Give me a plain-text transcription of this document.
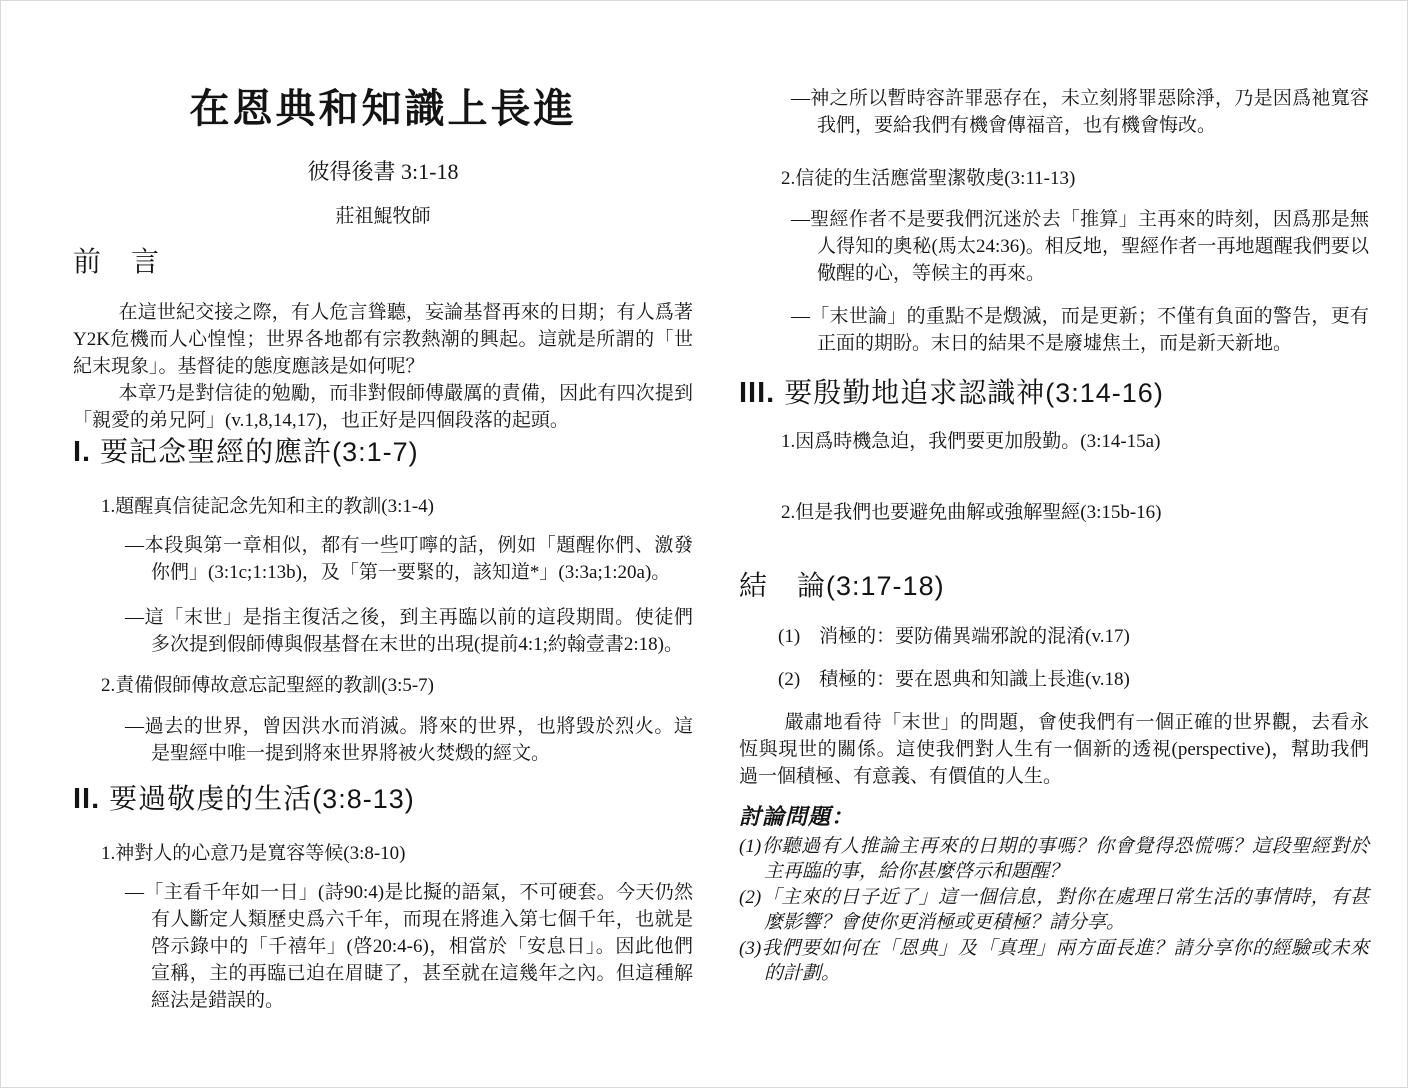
在恩典和知識上長進
彼得後書 3:1-18
莊祖鯤牧師
前　言

在這世紀交接之際，有人危言聳聽，妄論基督再來的日期；有人爲著Y2K危機而人心惶惶；世界各地都有宗教熱潮的興起。這就是所謂的「世紀末現象」。基督徒的態度應該是如何呢？

本章乃是對信徒的勉勵，而非對假師傅嚴厲的責備，因此有四次提到「親愛的弟兄阿」(v.1,8,14,17)，也正好是四個段落的起頭。

I. 要記念聖經的應許(3:1-7)

1.題醒真信徒記念先知和主的教訓(3:1-4)

—本段與第一章相似，都有一些叮嚀的話，例如「題醒你們、激發你們」(3:1c;1:13b)，及「第一要緊的，該知道*」(3:3a;1:20a)。

—這「末世」是指主復活之後，到主再臨以前的這段期間。使徒們多次提到假師傅與假基督在末世的出現(提前4:1;約翰壹書2:18)。

2.責備假師傅故意忘記聖經的教訓(3:5-7)

—過去的世界，曾因洪水而消滅。將來的世界，也將毀於烈火。這是聖經中唯一提到將來世界將被火焚燬的經文。

II. 要過敬虔的生活(3:8-13)

1.神對人的心意乃是寬容等候(3:8-10)

—「主看千年如一日」(詩90:4)是比擬的語氣，不可硬套。今天仍然有人斷定人類歷史爲六千年，而現在將進入第七個千年，也就是啓示錄中的「千禧年」(啓20:4-6)，相當於「安息日」。因此他們宣稱，主的再臨已迫在眉睫了，甚至就在這幾年之內。但這種解經法是錯誤的。

—神之所以暫時容許罪惡存在，未立刻將罪惡除淨，乃是因爲祂寬容我們，要給我們有機會傳福音，也有機會悔改。

2.信徒的生活應當聖潔敬虔(3:11-13)

—聖經作者不是要我們沉迷於去「推算」主再來的時刻，因爲那是無人得知的奧秘(馬太24:36)。相反地，聖經作者一再地題醒我們要以儆醒的心，等候主的再來。

—「末世論」的重點不是燬滅，而是更新；不僅有負面的警告，更有正面的期盼。末日的結果不是廢墟焦土，而是新天新地。

III. 要殷勤地追求認識神(3:14-16)

1.因爲時機急迫，我們要更加殷勤。(3:14-15a)

2.但是我們也要避免曲解或強解聖經(3:15b-16)

結　論(3:17-18)

(1)　消極的：要防備異端邪說的混淆(v.17)

(2)　積極的：要在恩典和知識上長進(v.18)

嚴肅地看待「末世」的問題，會使我們有一個正確的世界觀，去看永恆與現世的關係。這使我們對人生有一個新的透視(perspective)，幫助我們過一個積極、有意義、有價值的人生。

討論問題：

(1)你聽過有人推論主再來的日期的事嗎？你會覺得恐慌嗎？這段聖經對於主再臨的事，給你甚麼啓示和題醒？

(2)「主來的日子近了」這一個信息，對你在處理日常生活的事情時，有甚麼影響？會使你更消極或更積極？請分享。

(3)我們要如何在「恩典」及「真理」兩方面長進？請分享你的經驗或未來的計劃。
